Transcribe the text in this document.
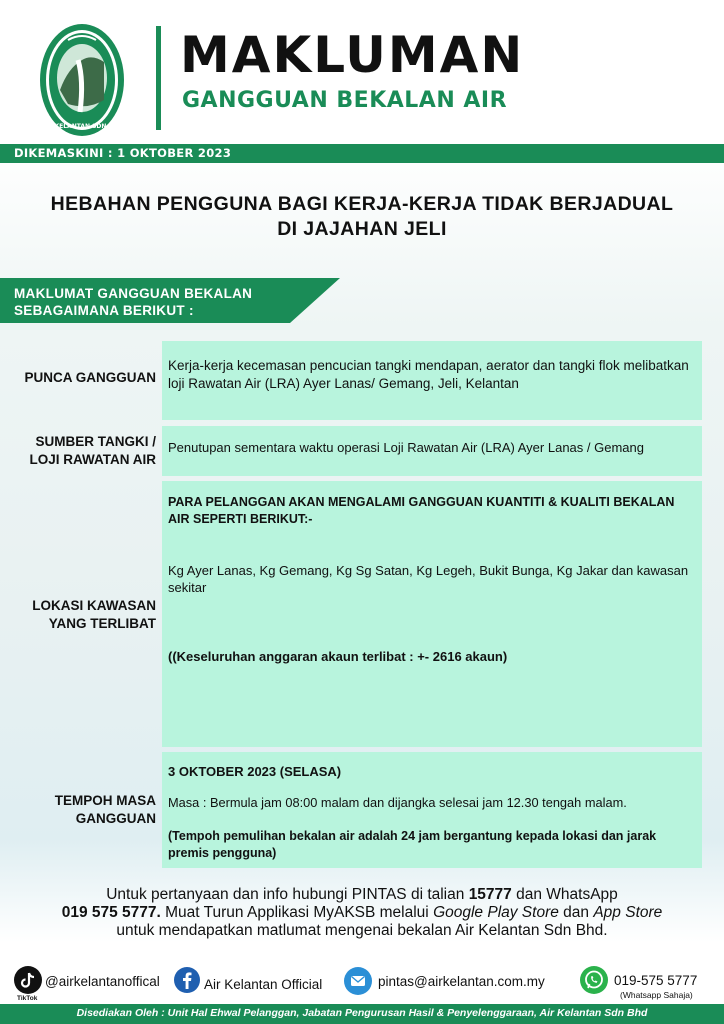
AIR KELANTAN SDN BHD
MAKLUMAN
GANGGUAN BEKALAN AIR
DIKEMASKINI : 1 OKTOBER 2023
HEBAHAN PENGGUNA BAGI KERJA-KERJA TIDAK BERJADUAL
DI JAJAHAN JELI
MAKLUMAT GANGGUAN BEKALAN
SEBAGAIMANA BERIKUT :
PUNCA GANGGUAN
Kerja-kerja kecemasan pencucian tangki mendapan, aerator dan tangki flok melibatkan loji Rawatan Air (LRA) Ayer Lanas/ Gemang, Jeli, Kelantan
SUMBER TANGKI /
LOJI RAWATAN AIR
Penutupan sementara waktu operasi Loji Rawatan Air (LRA) Ayer Lanas / Gemang
LOKASI KAWASAN
YANG TERLIBAT
PARA PELANGGAN AKAN MENGALAMI GANGGUAN KUANTITI & KUALITI BEKALAN AIR SEPERTI BERIKUT:-
Kg Ayer Lanas, Kg Gemang, Kg Sg Satan, Kg Legeh, Bukit Bunga, Kg Jakar dan kawasan sekitar
((Keseluruhan anggaran akaun terlibat : +- 2616 akaun)
TEMPOH MASA
GANGGUAN
3 OKTOBER 2023 (SELASA)
Masa : Bermula jam 08:00 malam dan dijangka selesai jam 12.30 tengah malam.
(Tempoh pemulihan bekalan air adalah 24 jam bergantung kepada lokasi dan jarak premis pengguna)
Untuk pertanyaan dan info hubungi PINTAS di talian 15777 dan WhatsApp
019 575 5777. Muat Turun Applikasi MyAKSB melalui Google Play Store dan App Store
untuk mendapatkan matlumat mengenai bekalan Air Kelantan Sdn Bhd.
@airkelantanoffical
TikTok
Air Kelantan Official	pintas@airkelantan.com.my	019-575 5777
(Whatsapp Sahaja)
Disediakan Oleh : Unit Hal Ehwal Pelanggan, Jabatan Pengurusan Hasil & Penyelenggaraan, Air Kelantan Sdn Bhd
